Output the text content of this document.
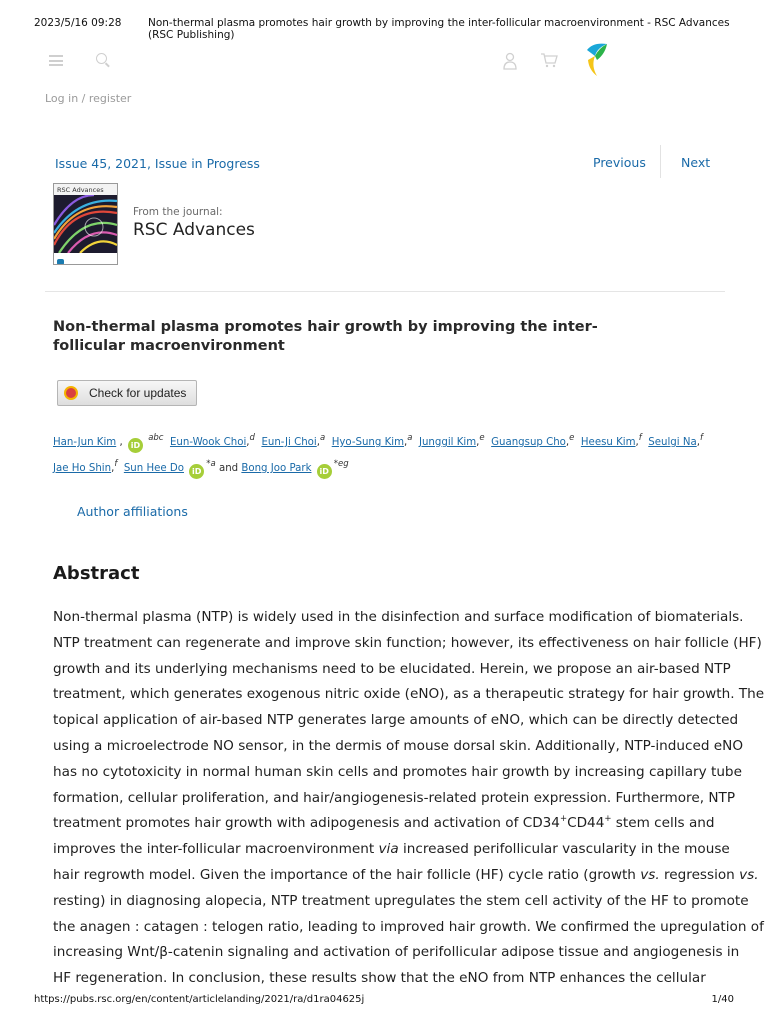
2023/5/16 09:28	Non-thermal plasma promotes hair growth by improving the inter-follicular macroenvironment - RSC Advances (RSC Publishing)
Log in / register
Issue 45, 2021, Issue in Progress	Previous	Next
RSC Advances
From the journal:
RSC Advances
Non-thermal plasma promotes hair growth by improving the inter-follicular macroenvironment
Check for updates
Han-Jun Kim , iD $^{abc}$ Eun-Wook Choi,$^d$ Eun-Ji Choi,$^a$ Hyo-Sung Kim,$^a$ Junggil Kim,$^e$ Guangsup Cho,$^e$ Heesu Kim,$^f$ Seulgi Na,$^f$  Jae Ho Shin,$^f$ Sun Hee Do $iD^{*a}$ and Bong Joo Park $iD^{*eg}$
Author affiliations
Abstract
Non-thermal plasma (NTP) is widely used in the disinfection and surface modification of biomaterials.
NTP treatment can regenerate and improve skin function; however, its effectiveness on hair follicle (HF)
growth and its underlying mechanisms need to be elucidated. Herein, we propose an air-based NTP
treatment, which generates exogenous nitric oxide (eNO), as a therapeutic strategy for hair growth. The
topical application of air-based NTP generates large amounts of eNO, which can be directly detected
using a microelectrode NO sensor, in the dermis of mouse dorsal skin. Additionally, NTP-induced eNO
has no cytotoxicity in normal human skin cells and promotes hair growth by increasing capillary tube
formation, cellular proliferation, and hair/angiogenesis-related protein expression. Furthermore, NTP
treatment promotes hair growth with adipogenesis and activation of CD34+CD44+ stem cells and
improves the inter-follicular macroenvironment via increased perifollicular vascularity in the mouse
hair regrowth model. Given the importance of the hair follicle (HF) cycle ratio (growth vs. regression vs.
resting) in diagnosing alopecia, NTP treatment upregulates the stem cell activity of the HF to promote
the anagen : catagen : telogen ratio, leading to improved hair growth. We confirmed the upregulation of
increasing Wnt/β-catenin signaling and activation of perifollicular adipose tissue and angiogenesis in
HF regeneration. In conclusion, these results show that the eNO from NTP enhances the cellular
https://pubs.rsc.org/en/content/articlelanding/2021/ra/d1ra04625j	1/40
